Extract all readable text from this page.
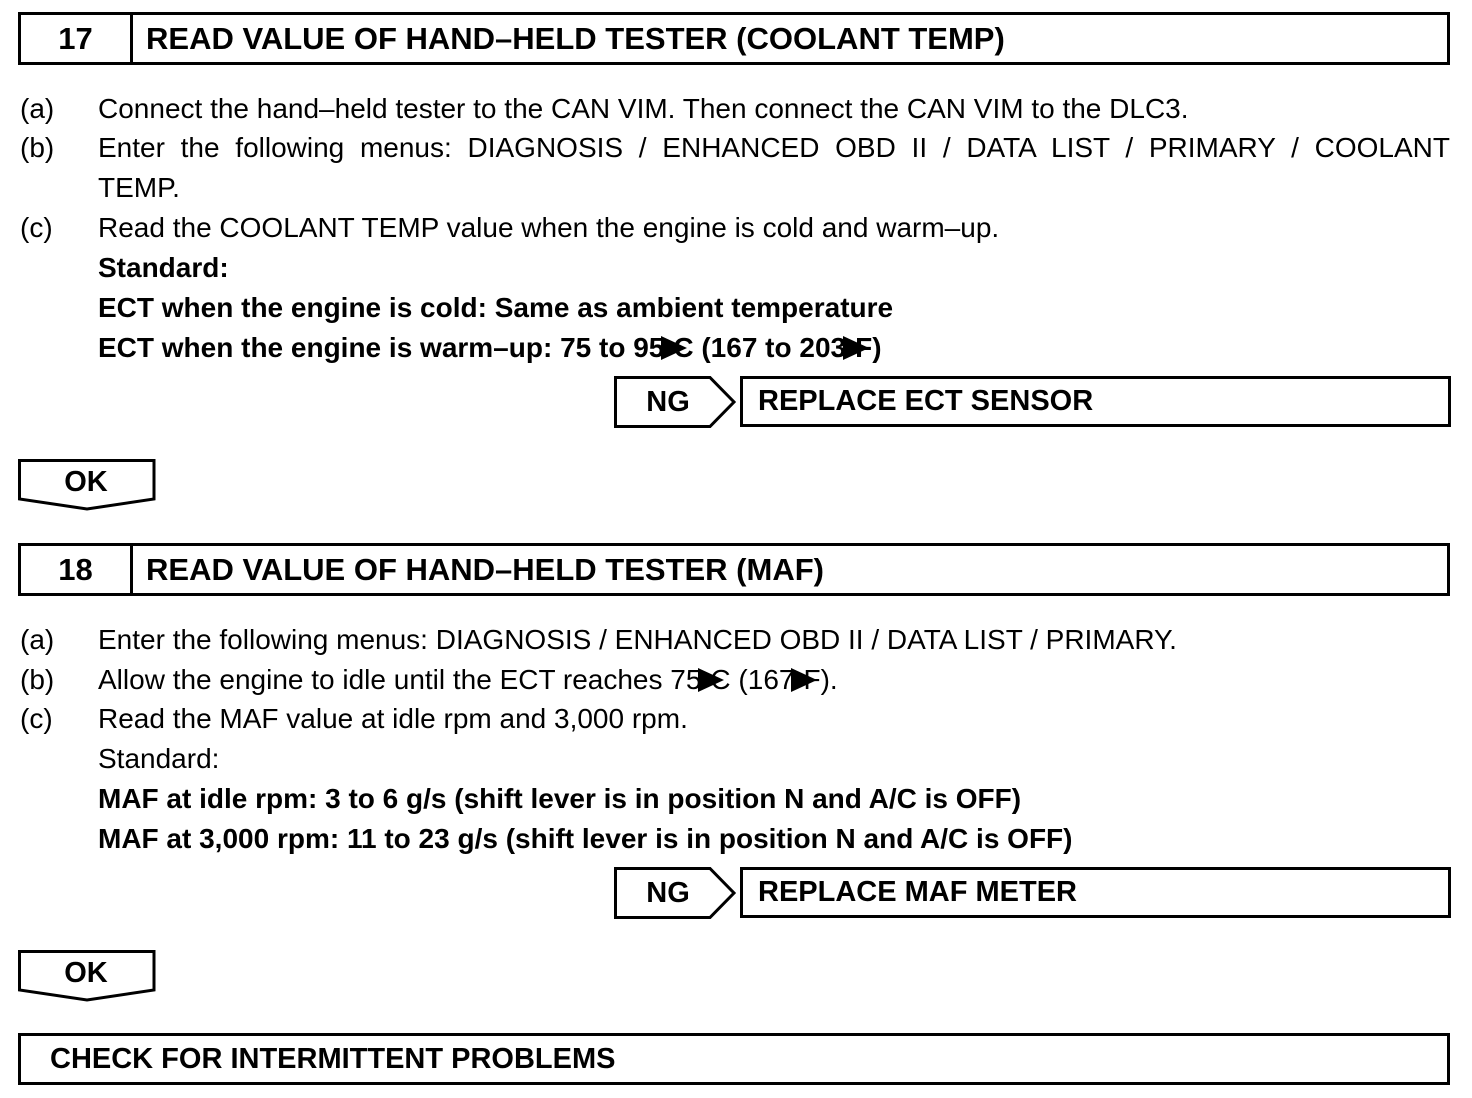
17	READ VALUE OF HAND–HELD TESTER (COOLANT TEMP)
(a) Connect the hand–held tester to the CAN VIM. Then connect the CAN VIM to the DLC3.
(b) Enter the following menus: DIAGNOSIS / ENHANCED OBD II / DATA LIST / PRIMARY / COOLANT
TEMP.
(c) Read the COOLANT TEMP value when the engine is cold and warm–up.
Standard:
ECT when the engine is cold: Same as ambient temperature
ECT when the engine is warm–up: 75 to 95 C (167 to 203 F)
NG	REPLACE ECT SENSOR
OK
18	READ VALUE OF HAND–HELD TESTER (MAF)
(a) Enter the following menus: DIAGNOSIS / ENHANCED OBD II / DATA LIST / PRIMARY.
(b) Allow the engine to idle until the ECT reaches 75 C (167 F).
(c) Read the MAF value at idle rpm and 3,000 rpm.
Standard:
MAF at idle rpm: 3 to 6 g/s (shift lever is in position N and A/C is OFF)
MAF at 3,000 rpm: 11 to 23 g/s (shift lever is in position N and A/C is OFF)
NG	REPLACE MAF METER
OK
CHECK FOR INTERMITTENT PROBLEMS
